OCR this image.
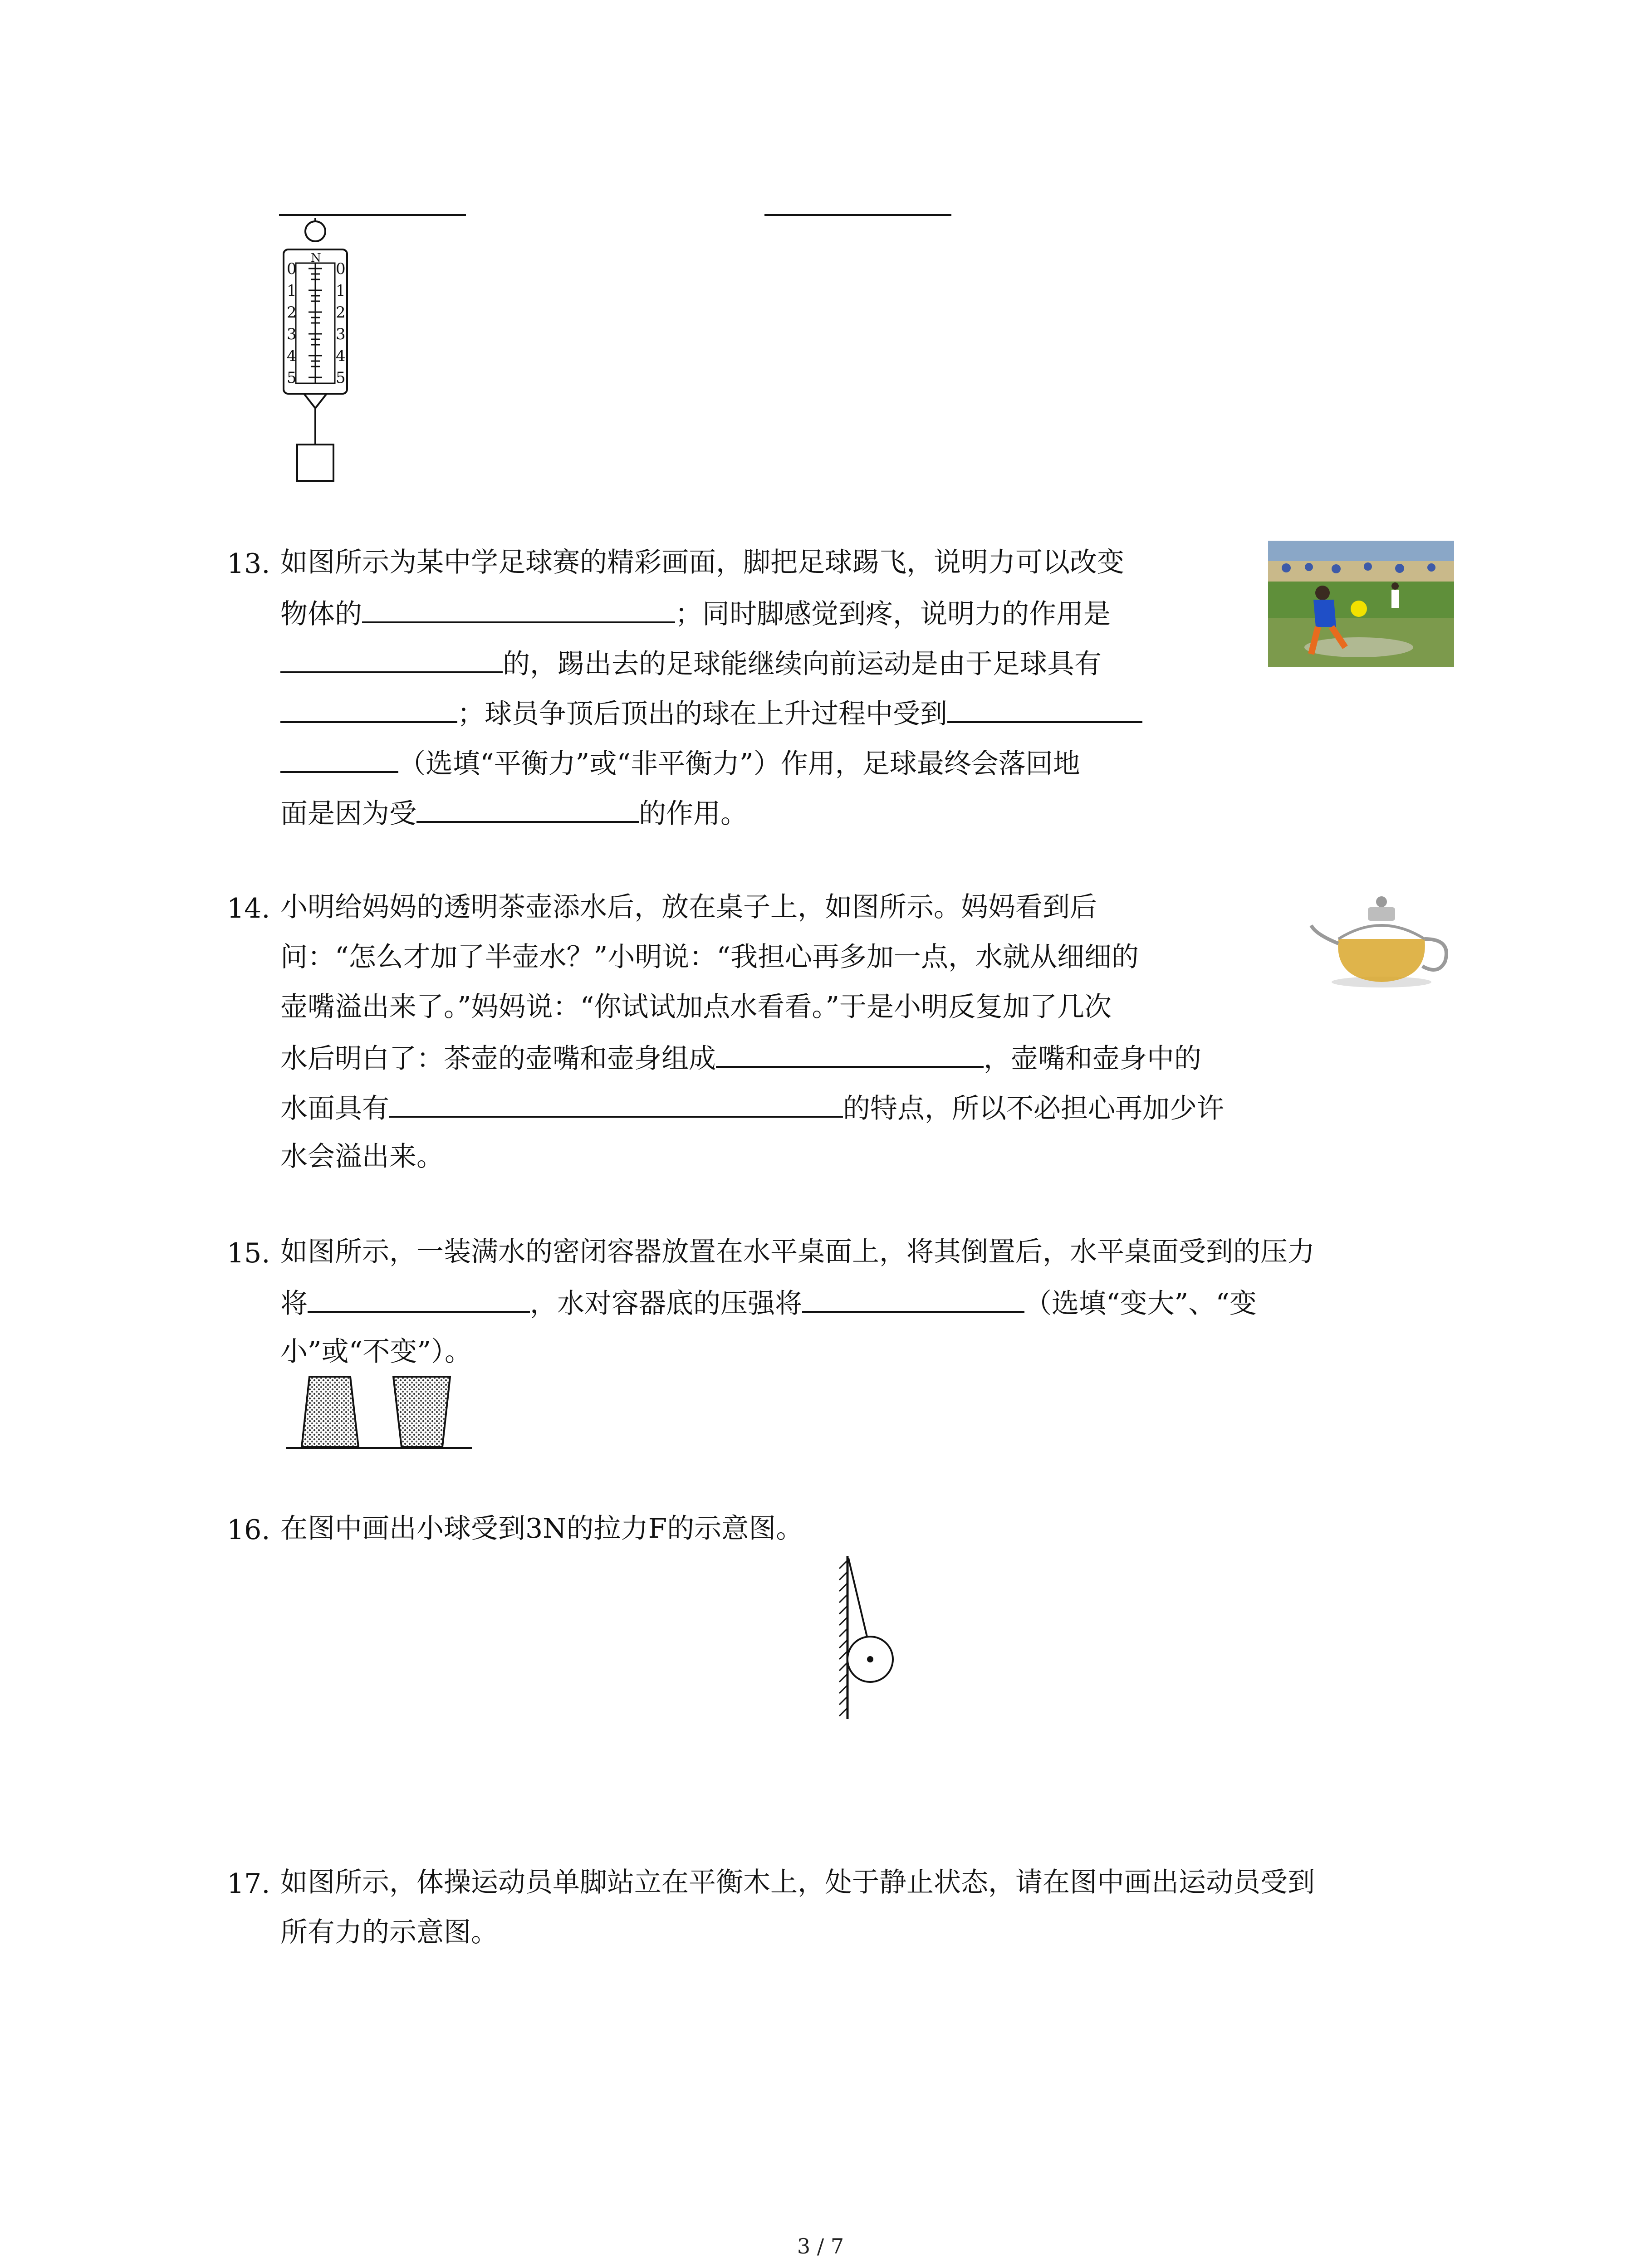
N
0
1
2
3
4
5
0
1
2
3
4
5
13. 如图所示为某中学足球赛的精彩画面，脚把足球踢飞，说明力可以改变
物体的	；同时脚感觉到疼，说明力的作用是
的，踢出去的足球能继续向前运动是由于足球具有
；球员争顶后顶出的球在上升过程中受到
（选填“平衡力”或“非平衡力”）作用，足球最终会落回地
面是因为受	的作用。
14. 小明给妈妈的透明茶壶添水后，放在桌子上，如图所示。妈妈看到后
问：“怎么才加了半壶水？”小明说：“我担心再多加一点，水就从细细的
壶嘴溢出来了。”妈妈说：“你试试加点水看看。”于是小明反复加了几次
水后明白了：茶壶的壶嘴和壶身组成	，壶嘴和壶身中的
水面具有	的特点，所以不必担心再加少许
水会溢出来。
15. 如图所示，一装满水的密闭容器放置在水平桌面上，将其倒置后，水平桌面受到的压力
将	，水对容器底的压强将	（选填“变大”、“变
小”或“不变”）。
16. 在图中画出小球受到3N的拉力F的示意图。
17. 如图所示，体操运动员单脚站立在平衡木上，处于静止状态，请在图中画出运动员受到
所有力的示意图。
3 / 7
